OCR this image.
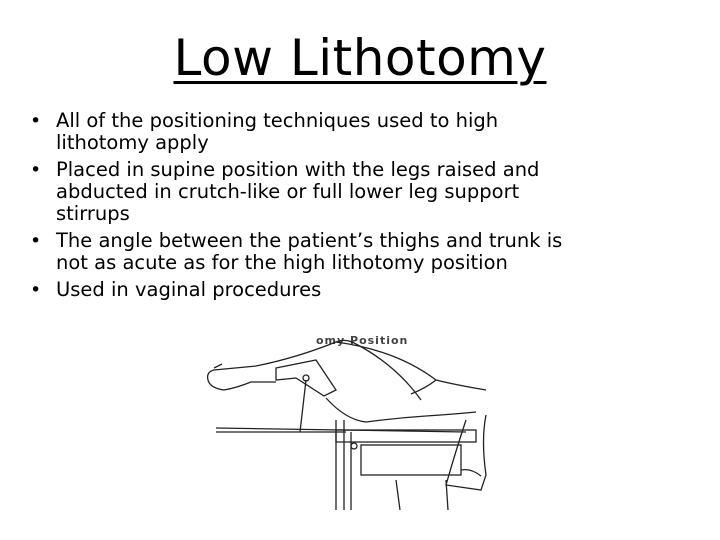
Low Lithotomy
• All of the positioning techniques used to high lithotomy apply
• Placed in supine position with the legs raised and abducted in crutch-like or full lower leg support stirrups
• The angle between the patient’s thighs and trunk is not as acute as for the high lithotomy position
• Used in vaginal procedures
omy Position
